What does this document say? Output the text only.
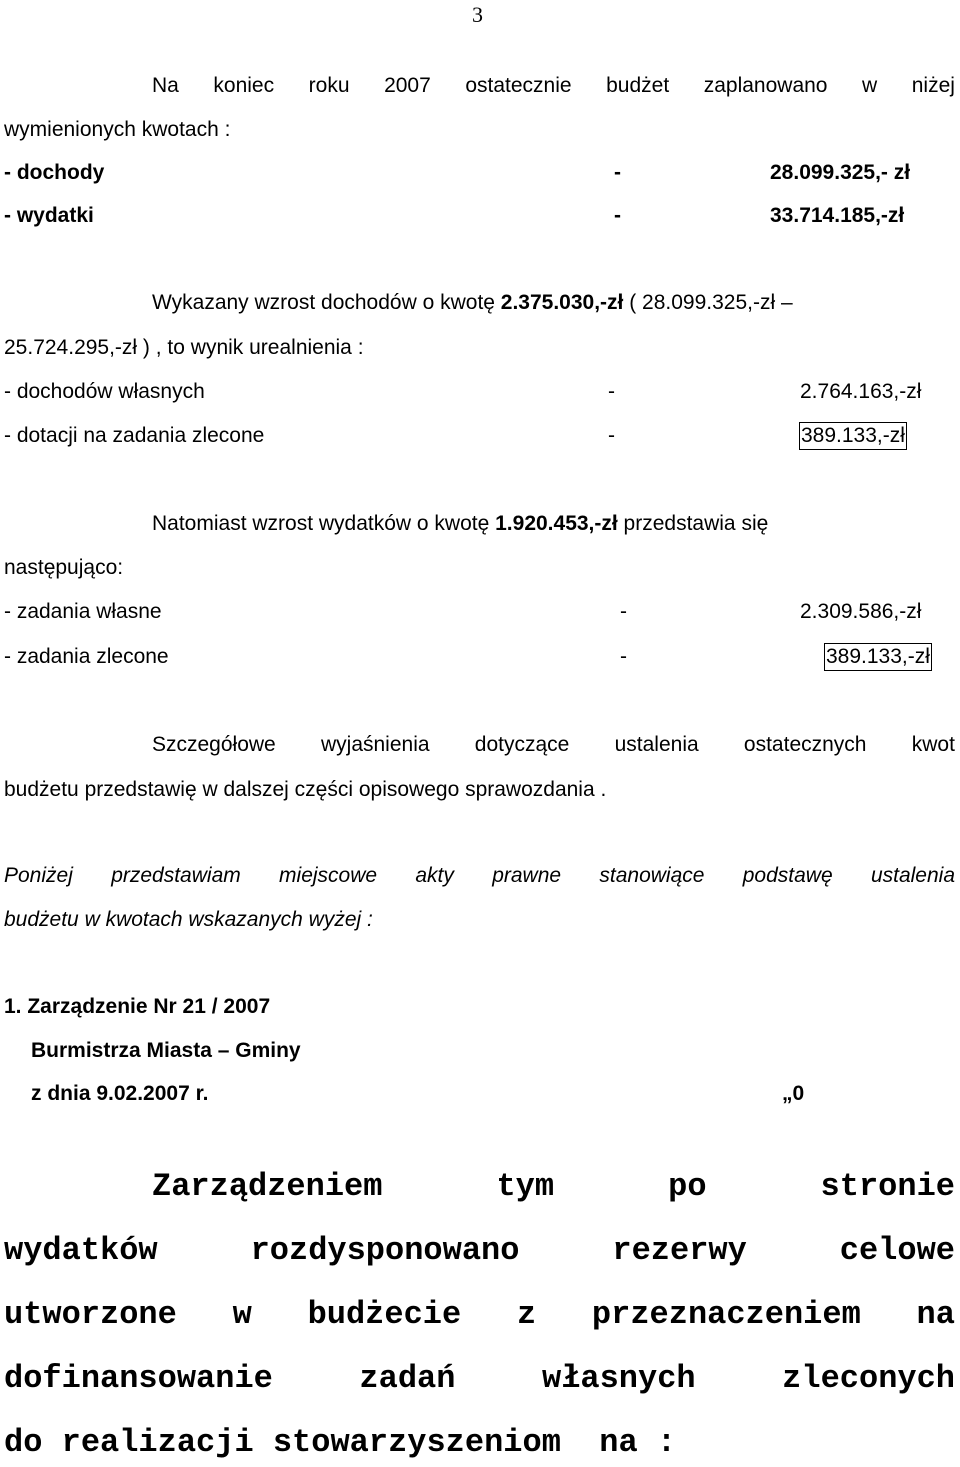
3
Na koniec roku 2007 ostatecznie budżet zaplanowano w niżej
wymienionych kwotach :
- dochody	-	28.099.325,- zł
- wydatki	-	33.714.185,-zł
Wykazany wzrost dochodów o kwotę 2.375.030,-zł ( 28.099.325,-zł –
25.724.295,-zł ) , to wynik urealnienia :
- dochodów własnych	-	2.764.163,-zł
- dotacji na zadania zlecone	-	389.133,-zł
Natomiast wzrost wydatków o kwotę 1.920.453,-zł przedstawia się
następująco:
- zadania własne	-	2.309.586,-zł
- zadania zlecone	-	389.133,-zł
Szczegółowe wyjaśnienia dotyczące ustalenia ostatecznych kwot
budżetu przedstawię w dalszej części opisowego sprawozdania .
Poniżej przedstawiam miejscowe akty prawne stanowiące podstawę ustalenia
budżetu w kwotach wskazanych wyżej :
1. Zarządzenie Nr 21 / 2007
Burmistrza Miasta – Gminy
z dnia 9.02.2007 r.	„0
Zarządzeniem	tym	po	stronie
wydatków	rozdysponowano	rezerwy	celowe
utworzone w budżecie z przeznaczeniem na
dofinansowanie	zadań	własnych	zleconych
do realizacji stowarzyszeniom  na :
